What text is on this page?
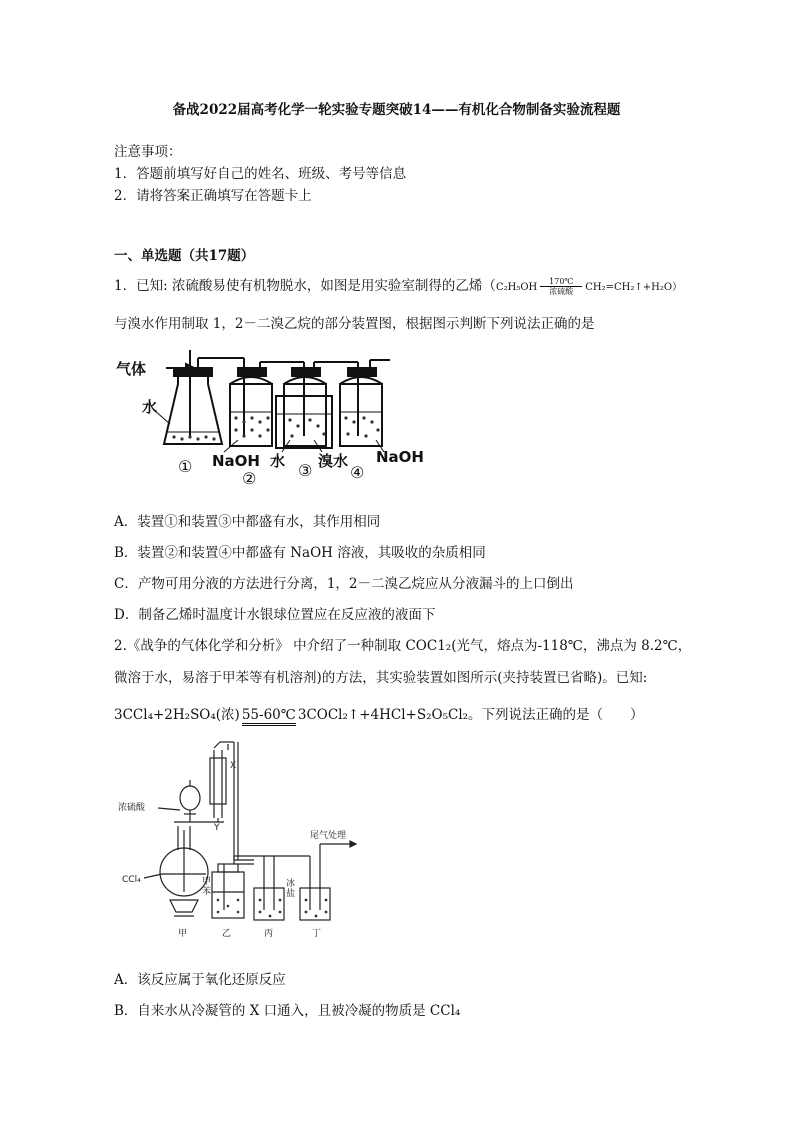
备战2022届高考化学一轮实验专题突破14——有机化合物制备实验流程题
注意事项：
1．答题前填写好自己的姓名、班级、考号等信息
2．请将答案正确填写在答题卡上
一、单选题（共17题）
1．已知: 浓硫酸易使有机物脱水，如图是用实验室制得的乙烯（C₂H₅OH
170℃
浓硫酸	CH₂=CH₂↑+H₂O）
与溴水作用制取 1，2－二溴乙烷的部分装置图，根据图示判断下列说法正确的是
气体
水
NaOH 水 溴水 NaOH
①
②	③ ④
A．装置①和装置③中都盛有水，其作用相同
B．装置②和装置④中都盛有 NaOH 溶液，其吸收的杂质相同
C．产物可用分液的方法进行分离，1，2－二溴乙烷应从分液漏斗的上口倒出
D．制备乙烯时温度计水银球位置应在反应液的液面下
2.《战争的气体化学和分析》 中介绍了一种制取 COC1₂(光气，熔点为-118℃，沸点为 8.2℃，
微溶于水，易溶于甲苯等有机溶剂)的方法，其实验装置如图所示(夹持装置已省略)。已知:
3CCl₄+2H₂SO₄(浓) 55-60℃ 3COCl₂↑+4HCl+S₂O₅Cl₂。下列说法正确的是（　　）
X
Y
浓硫酸
CCl₄
尾气处理
甲
苯
冰
盐
甲	乙	丙	丁
A．该反应属于氧化还原反应
B．自来水从冷凝管的 X 口通入，且被冷凝的物质是 CCl₄
